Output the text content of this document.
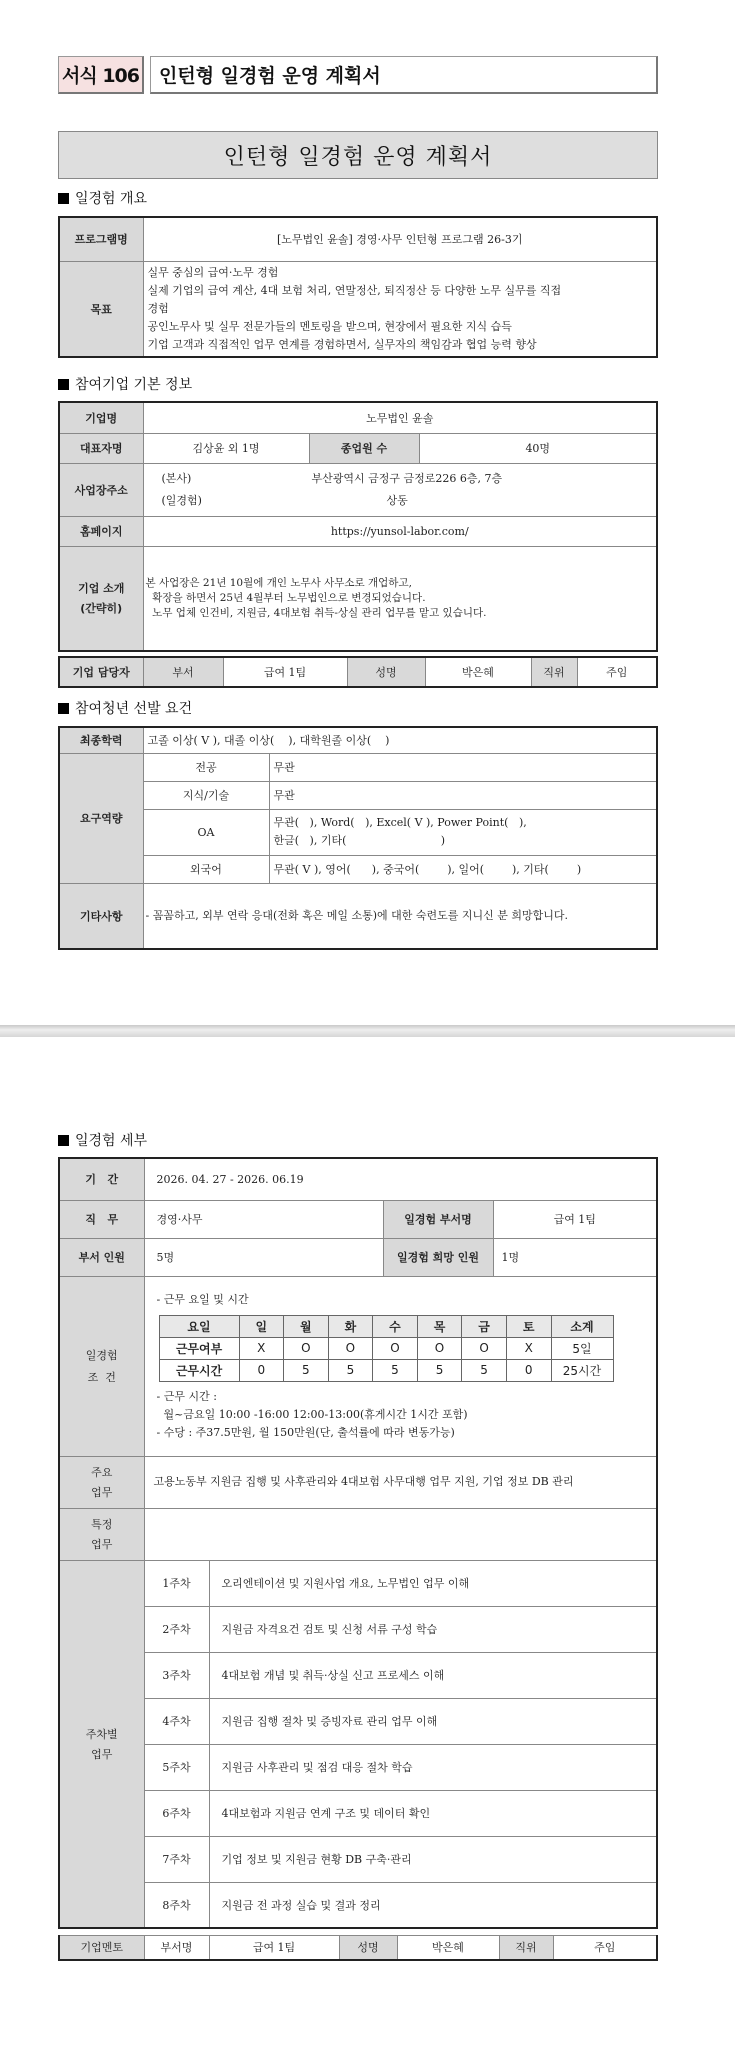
서식 106	인턴형 일경험 운영 계획서
인턴형 일경험 운영 계획서
일경험 개요
프로그램명	[노무법인 윤솔] 경영·사무 인턴형 프로그램 26-3기
목표	실무 중심의 급여·노무 경험
실제 기업의 급여 계산, 4대 보험 처리, 연말정산, 퇴직정산 등 다양한 노무 실무를 직접
경험
공인노무사 및 실무 전문가들의 멘토링을 받으며, 현장에서 필요한 지식 습득
기업 고객과 직접적인 업무 연계를 경험하면서, 실무자의 책임감과 협업 능력 향상
참여기업 기본 정보
기업명	노무법인 윤솔		
대표자명	김상윤 외 1명	종업원 수	40명
사업장주소	(본사) 부산광역시 금정구 금정로226 6층, 7층
(일경험) 상동		

홈페이지	https://yunsol-labor.com/		

기업 소개
(간략히)

본 사업장은 21년 10월에 개인 노무사 사무소로 개업하고,
확장을 하면서 25년 4월부터 노무법인으로 변경되었습니다.
노무 업체 인건비, 지원금, 4대보험 취득-상실 관리 업무를 맡고 있습니다.
기업 담당자	부서	급여 1팀	성명	박은혜	직위	주임
참여청년 선발 요건
최종학력	고졸 이상( V ), 대졸 이상(    ), 대학원졸 이상(    )	
요구역량	전공	무관
	지식/기술	무관
	OA	무관(   ), Word(   ), Excel( V ), Power Point(   ),
한글(   ), 기타(                           )

	외국어	무관( V ), 영어(      ), 중국어(        ), 일어(        ), 기타(        )
기타사항	- 꼼꼼하고, 외부 연락 응대(전화 혹은 메일 소통)에 대한 숙련도를 지니신 분 희망합니다.	
일경험 세부
기   간	2026. 04. 27 - 2026. 06.19
직   무	경영·사무	일경험 부서명	급여 1팀
부서 인원	5명	일경험 희망 인원	1명

일경험
조  건

- 근무 요일 및 시간
요일	일	월	화	수	목	금	토	소계
근무여부	X	O	O	O	O	O	X	5일
근무시간	0	5	5	5	5	5	0	25시간
- 근무 시간 :
월~금요일 10:00 -16:00 12:00-13:00(휴게시간 1시간 포함)
- 수당 : 주37.5만원, 월 150만원(단, 출석률에 따라 변동가능)

주요
업무
	고용노동부 지원금 집행 및 사후관리와 4대보험 사무대행 업무 지원, 기업 정보 DB 관리

특정
업무

주차별
업무
	1주차	오리엔테이션 및 지원사업 개요, 노무법인 업무 이해
2주차	지원금 자격요건 검토 및 신청 서류 구성 학습
3주차	4대보험 개념 및 취득·상실 신고 프로세스 이해
4주차	지원금 집행 절차 및 증빙자료 관리 업무 이해
5주차	지원금 사후관리 및 점검 대응 절차 학습
6주차	4대보험과 지원금 연계 구조 및 데이터 확인
7주차	기업 정보 및 지원금 현황 DB 구축·관리
8주차	지원금 전 과정 실습 및 결과 정리
기업멘토	부서명	급여 1팀	성명	박은혜	직위	주임
